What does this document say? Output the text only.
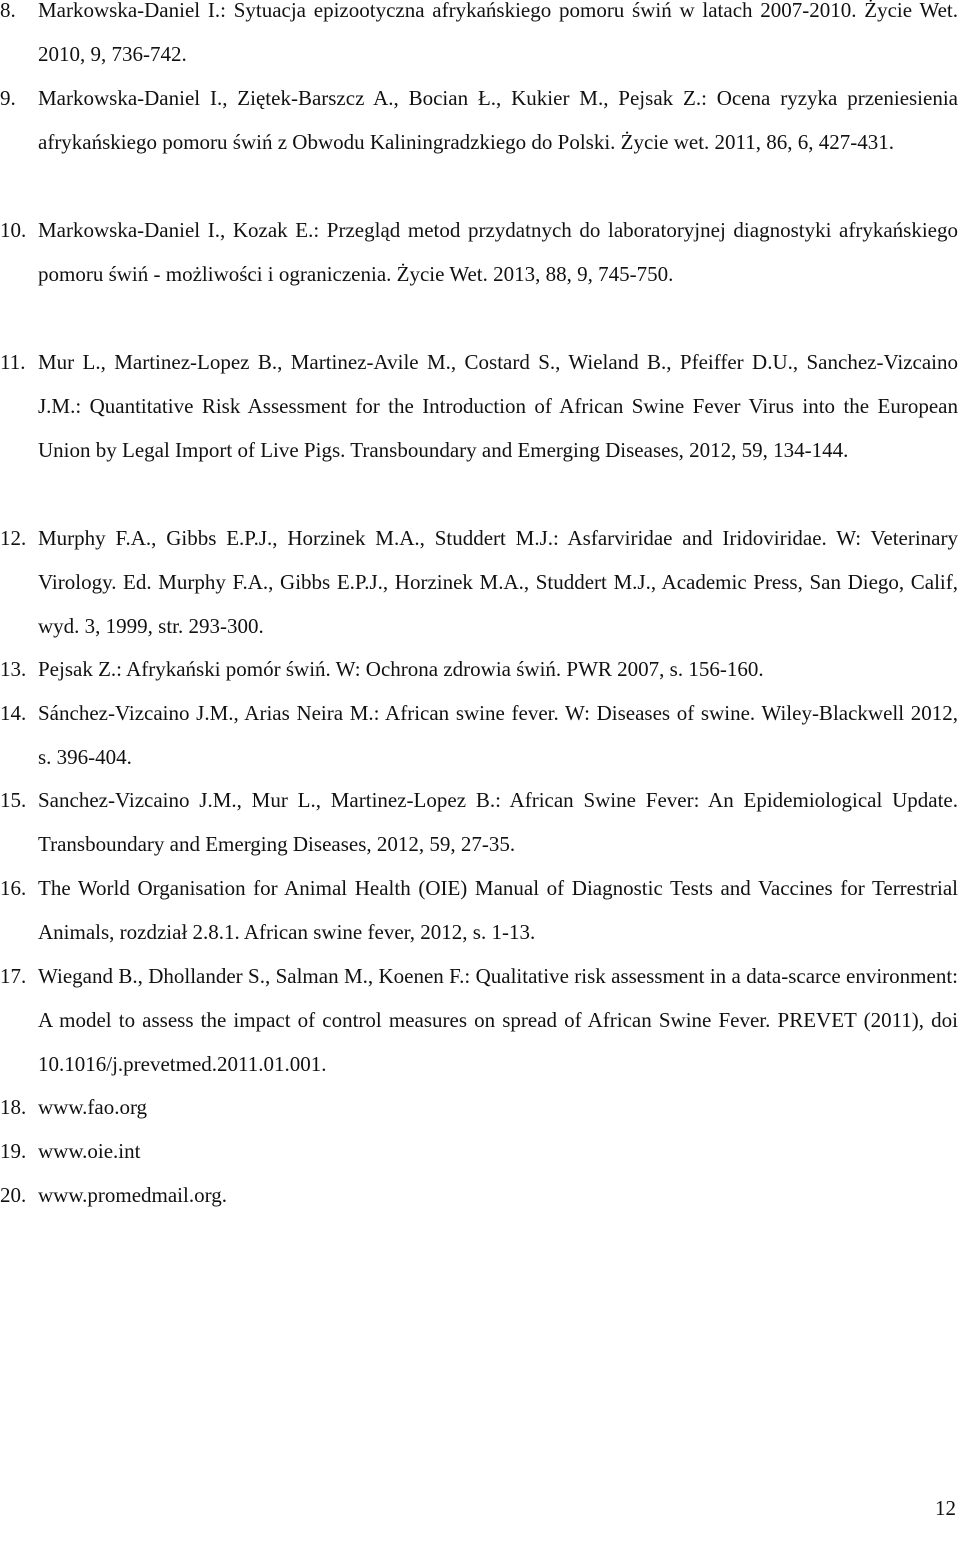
8.	Markowska-Daniel I.: Sytuacja epizootyczna afrykańskiego pomoru świń w latach 2007-2010. Życie Wet. 2010, 9, 736-742.
9.	Markowska-Daniel I., Ziętek-Barszcz A., Bocian Ł., Kukier M., Pejsak Z.: Ocena ryzyka przeniesienia afrykańskiego pomoru świń z Obwodu Kaliningradzkiego do Polski. Życie wet. 2011, 86, 6, 427-431.
10. Markowska-Daniel I., Kozak E.: Przegląd metod przydatnych do laboratoryjnej diagnostyki afrykańskiego pomoru świń - możliwości i ograniczenia. Życie Wet. 2013, 88, 9, 745-750.
11. Mur L., Martinez-Lopez B., Martinez-Avile M., Costard S., Wieland B., Pfeiffer D.U., Sanchez-Vizcaino J.M.: Quantitative Risk Assessment for the Introduction of African Swine Fever Virus into the European Union by Legal Import of Live Pigs. Transboundary and Emerging Diseases, 2012, 59, 134-144.
12. Murphy F.A., Gibbs E.P.J., Horzinek M.A., Studdert M.J.: Asfarviridae and Iridoviridae. W: Veterinary Virology. Ed. Murphy F.A., Gibbs E.P.J., Horzinek M.A., Studdert M.J., Academic Press, San Diego, Calif, wyd. 3, 1999, str. 293-300.
13. Pejsak Z.: Afrykański pomór świń. W: Ochrona zdrowia świń. PWR 2007, s. 156-160.
14. Sánchez-Vizcaino J.M., Arias Neira M.: African swine fever. W: Diseases of swine. Wiley-Blackwell 2012, s. 396-404.
15. Sanchez-Vizcaino J.M., Mur L., Martinez-Lopez B.: African Swine Fever: An Epidemiological Update. Transboundary and Emerging Diseases, 2012, 59, 27-35.
16. The World Organisation for Animal Health (OIE) Manual of Diagnostic Tests and Vaccines for Terrestrial Animals, rozdział 2.8.1. African swine fever, 2012, s. 1-13.
17. Wiegand B., Dhollander S., Salman M., Koenen F.: Qualitative risk assessment in a data-scarce environment: A model to assess the impact of control measures on spread of African Swine Fever. PREVET (2011), doi 10.1016/j.prevetmed.2011.01.001.
18. www.fao.org
19. www.oie.int
20. www.promedmail.org.
12
